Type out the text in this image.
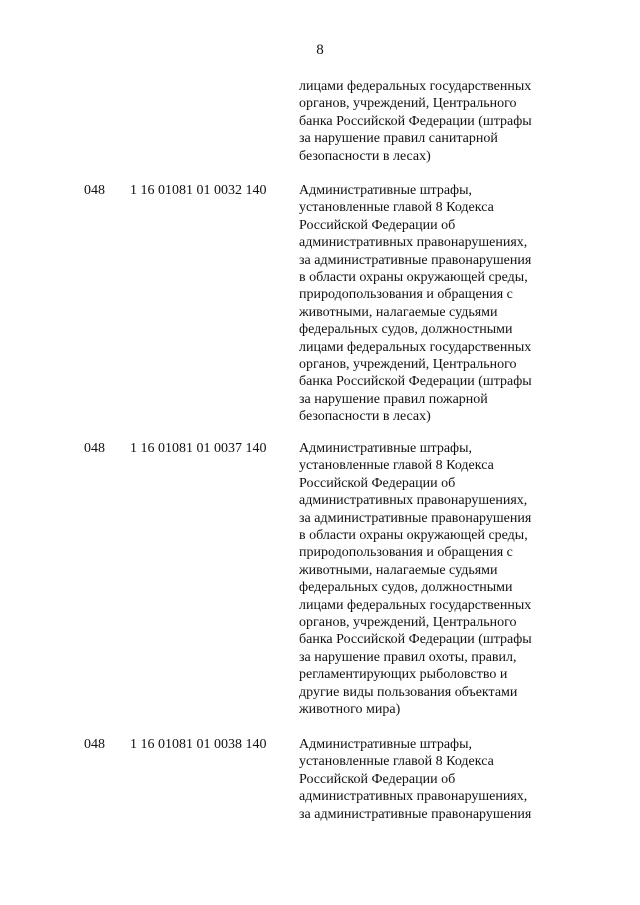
8
лицами федеральных государственных
органов, учреждений, Центрального
банка Российской Федерации (штрафы
за нарушение правил санитарной
безопасности в лесах)
048 1 16 01081 01 0032 140 Административные штрафы,
установленные главой 8 Кодекса
Российской Федерации об
административных правонарушениях,
за административные правонарушения
в области охраны окружающей среды,
природопользования и обращения с
животными, налагаемые судьями
федеральных судов, должностными
лицами федеральных государственных
органов, учреждений, Центрального
банка Российской Федерации (штрафы
за нарушение правил пожарной
безопасности в лесах)
048 1 16 01081 01 0037 140 Административные штрафы,
установленные главой 8 Кодекса
Российской Федерации об
административных правонарушениях,
за административные правонарушения
в области охраны окружающей среды,
природопользования и обращения с
животными, налагаемые судьями
федеральных судов, должностными
лицами федеральных государственных
органов, учреждений, Центрального
банка Российской Федерации (штрафы
за нарушение правил охоты, правил,
регламентирующих рыболовство и
другие виды пользования объектами
животного мира)
048 1 16 01081 01 0038 140 Административные штрафы,
установленные главой 8 Кодекса
Российской Федерации об
административных правонарушениях,
за административные правонарушения
